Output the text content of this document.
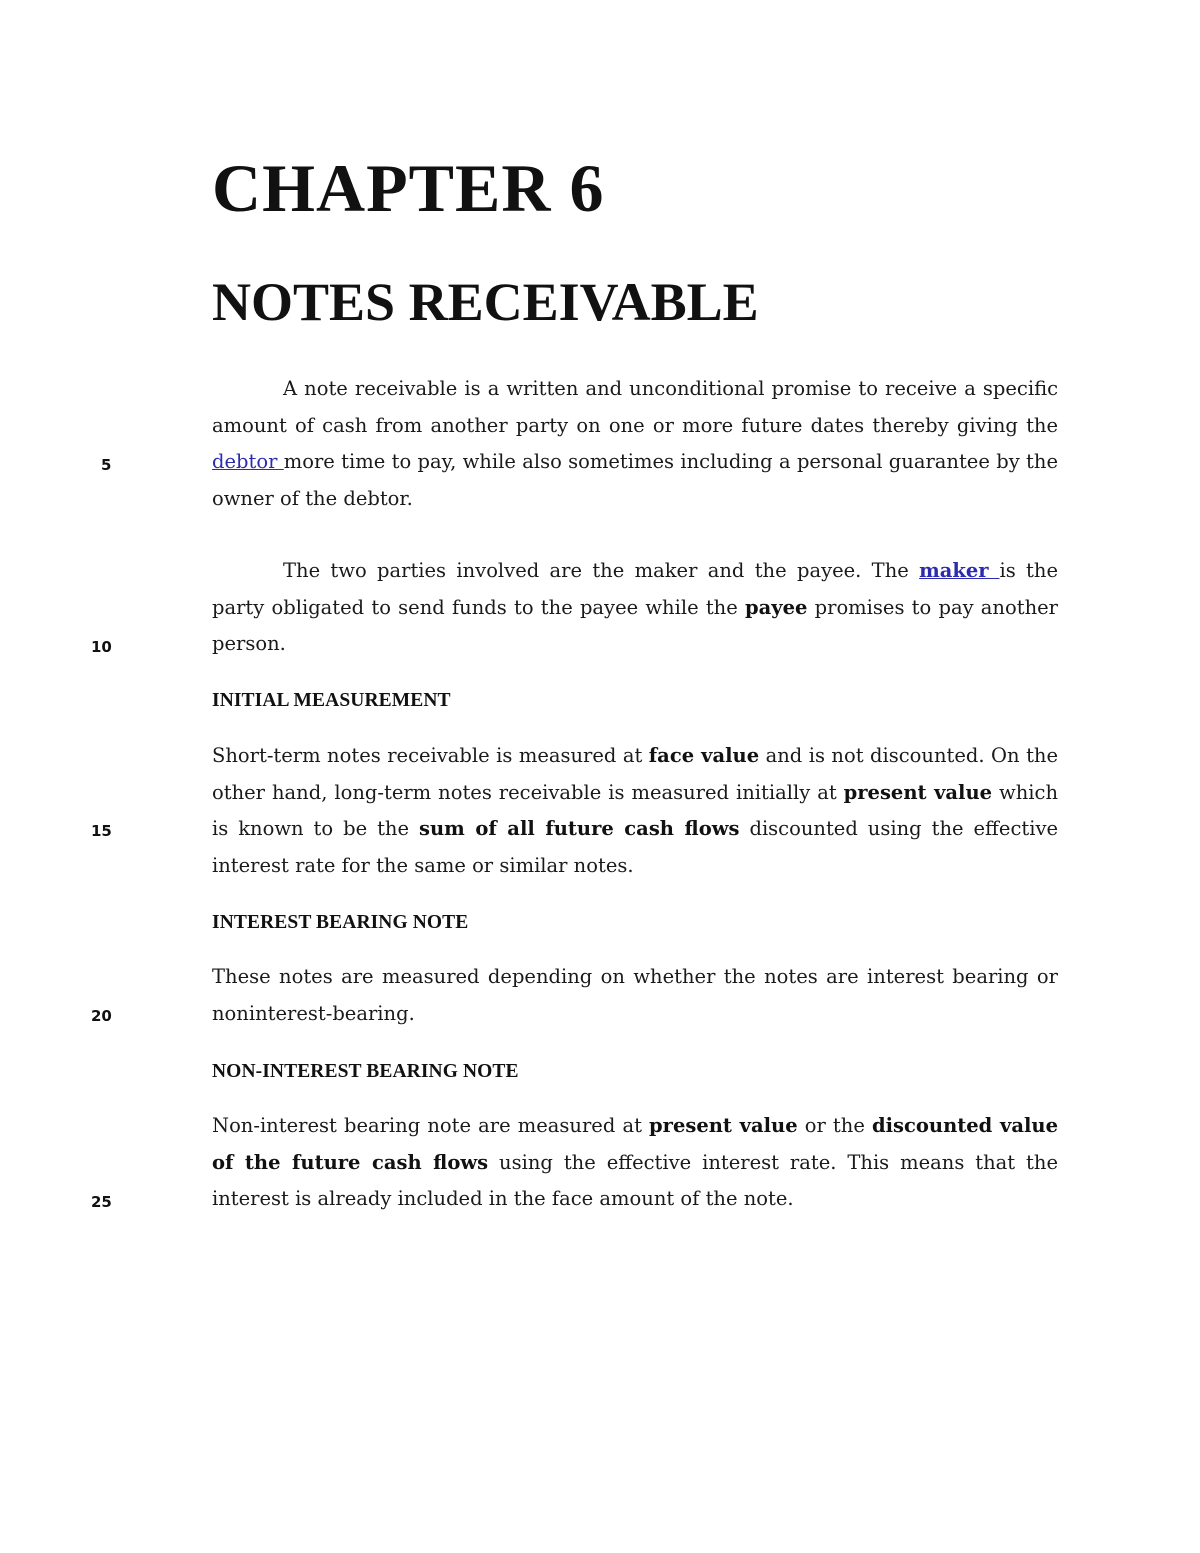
CHAPTER 6
NOTES RECEIVABLE
5
10
15
20
25

A note receivable is a written and unconditional promise to receive a specific amount of cash from another party on one or more future dates thereby giving the debtor more time to pay, while also sometimes including a personal guarantee by the owner of the debtor.

The two parties involved are the maker and the payee. The maker is the party obligated to send funds to the payee while the payee promises to pay another person.

INITIAL MEASUREMENT

Short-term notes receivable is measured at face value and is not discounted. On the other hand, long-term notes receivable is measured initially at present value which is known to be the sum of all future cash flows discounted using the effective interest rate for the same or similar notes.

INTEREST BEARING NOTE

These notes are measured depending on whether the notes are interest bearing or noninterest-bearing.

NON-INTEREST BEARING NOTE

Non-interest bearing note are measured at present value or the discounted value of the future cash flows using the effective interest rate. This means that the interest is already included in the face amount of the note.
